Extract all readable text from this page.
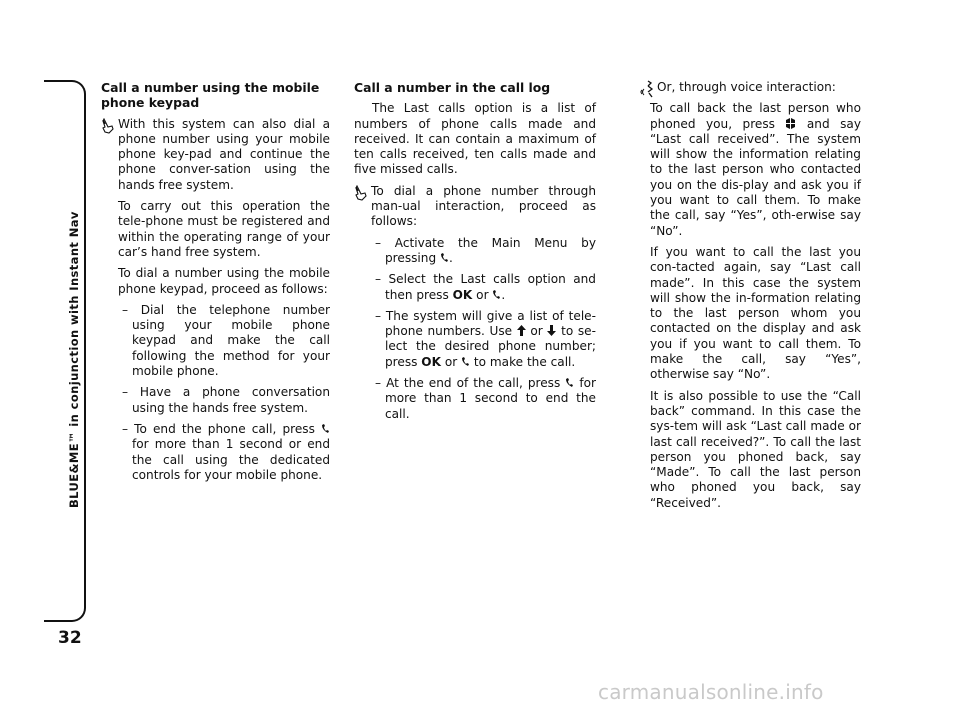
BLUE&ME™ in conjunction with Instant Nav
32
Call a number using the mobile phone keypad
With this system can also dial a phone number using your mobile phone key-pad and continue the phone conver-sation using the hands free system.

To carry out this operation the tele-phone must be registered and within the operating range of your car’s hand free system.

To dial a number using the mobile phone keypad, proceed as follows:

– Dial the telephone number using your mobile phone keypad and make the call following the method for your mobile phone.

– Have a phone conversation using the hands free system.

– To end the phone call, press  for more than 1 second or end the call using the dedicated controls for your mobile phone.

Call a number in the call log

The Last calls option is a list of numbers of phone calls made and received. It can contain a maximum of ten calls received, ten calls made and five missed calls.

To dial a phone number through man-ual interaction, proceed as follows:

– Activate the Main Menu by pressing .

– Select the Last calls option and then press OK or .

– The system will give a list of tele-phone numbers. Use or to se-lect the desired phone number; press OK or to make the call.

– At the end of the call, press for more than 1 second to end the call.

Or, through voice interaction:

To call back the last person who phoned you, press	and say “Last call received”. The system will show the information relating to the last person who contacted you on the dis-play and ask you if you want to call them. To make the call, say “Yes”, oth-erwise say “No”.

If you want to call the last you con-tacted again, say “Last call made”. In this case the system will show the in-formation relating to the last person whom you contacted on the display and ask you if you want to call them. To make the call, say “Yes”, otherwise say “No”.

It is also possible to use the “Call back” command. In this case the sys-tem will ask “Last call made or last call received?”. To call the last person you phoned back, say “Made”. To call the last person who phoned you back, say “Received”.

carmanualsonline.info
